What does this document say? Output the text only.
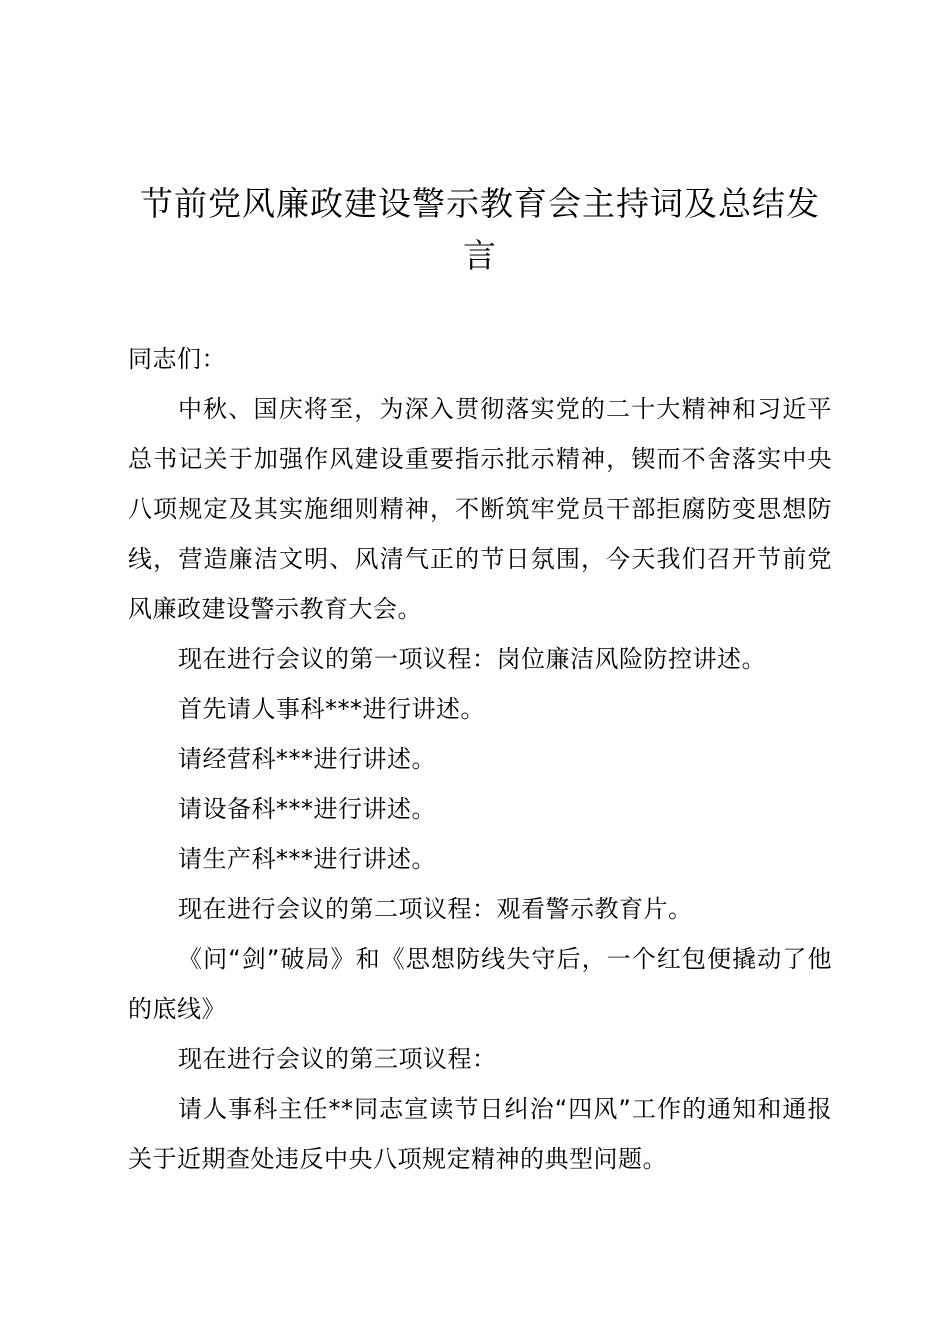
节前党风廉政建设警示教育会主持词及总结发言

同志们：

中秋、国庆将至，为深入贯彻落实党的二十大精神和习近平总书记关于加强作风建设重要指示批示精神，锲而不舍落实中央八项规定及其实施细则精神，不断筑牢党员干部拒腐防变思想防线，营造廉洁文明、风清气正的节日氛围，今天我们召开节前党风廉政建设警示教育大会。

现在进行会议的第一项议程：岗位廉洁风险防控讲述。

首先请人事科***进行讲述。

请经营科***进行讲述。

请设备科***进行讲述。

请生产科***进行讲述。

现在进行会议的第二项议程：观看警示教育片。

《问“剑”破局》和《思想防线失守后，一个红包便撬动了他的底线》

现在进行会议的第三项议程：

请人事科主任**同志宣读节日纠治“四风”工作的通知和通报关于近期查处违反中央八项规定精神的典型问题。
